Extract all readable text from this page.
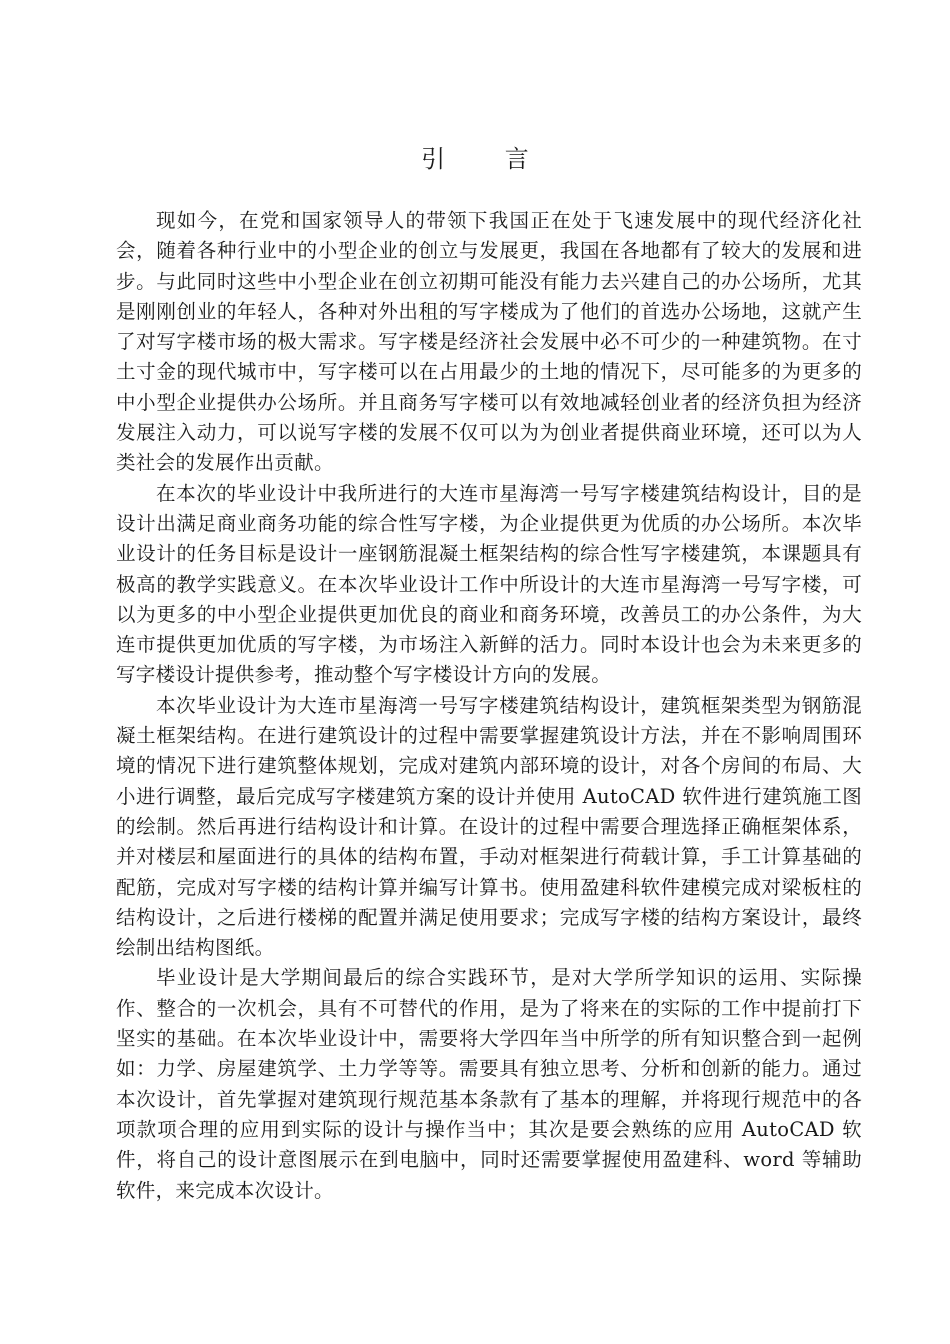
引 言

现如今，在党和国家领导人的带领下我国正在处于飞速发展中的现代经济化社会，随着各种行业中的小型企业的创立与发展更，我国在各地都有了较大的发展和进步。与此同时这些中小型企业在创立初期可能没有能力去兴建自己的办公场所，尤其是刚刚创业的年轻人，各种对外出租的写字楼成为了他们的首选办公场地，这就产生了对写字楼市场的极大需求。写字楼是经济社会发展中必不可少的一种建筑物。在寸土寸金的现代城市中，写字楼可以在占用最少的土地的情况下，尽可能多的为更多的中小型企业提供办公场所。并且商务写字楼可以有效地减轻创业者的经济负担为经济发展注入动力，可以说写字楼的发展不仅可以为为创业者提供商业环境，还可以为人类社会的发展作出贡献。

在本次的毕业设计中我所进行的大连市星海湾一号写字楼建筑结构设计，目的是设计出满足商业商务功能的综合性写字楼，为企业提供更为优质的办公场所。本次毕业设计的任务目标是设计一座钢筋混凝土框架结构的综合性写字楼建筑，本课题具有极高的教学实践意义。在本次毕业设计工作中所设计的大连市星海湾一号写字楼，可以为更多的中小型企业提供更加优良的商业和商务环境，改善员工的办公条件，为大连市提供更加优质的写字楼，为市场注入新鲜的活力。同时本设计也会为未来更多的写字楼设计提供参考，推动整个写字楼设计方向的发展。

本次毕业设计为大连市星海湾一号写字楼建筑结构设计，建筑框架类型为钢筋混凝土框架结构。在进行建筑设计的过程中需要掌握建筑设计方法，并在不影响周围环境的情况下进行建筑整体规划，完成对建筑内部环境的设计，对各个房间的布局、大小进行调整，最后完成写字楼建筑方案的设计并使用 AutoCAD 软件进行建筑施工图的绘制。然后再进行结构设计和计算。在设计的过程中需要合理选择正确框架体系，并对楼层和屋面进行的具体的结构布置，手动对框架进行荷载计算，手工计算基础的配筋，完成对写字楼的结构计算并编写计算书。使用盈建科软件建模完成对梁板柱的结构设计，之后进行楼梯的配置并满足使用要求；完成写字楼的结构方案设计，最终绘制出结构图纸。

毕业设计是大学期间最后的综合实践环节，是对大学所学知识的运用、实际操作、整合的一次机会，具有不可替代的作用，是为了将来在的实际的工作中提前打下坚实的基础。在本次毕业设计中，需要将大学四年当中所学的所有知识整合到一起例如：力学、房屋建筑学、土力学等等。需要具有独立思考、分析和创新的能力。通过本次设计，首先掌握对建筑现行规范基本条款有了基本的理解，并将现行规范中的各项款项合理的应用到实际的设计与操作当中；其次是要会熟练的应用 AutoCAD 软件，将自己的设计意图展示在到电脑中，同时还需要掌握使用盈建科、word 等辅助软件，来完成本次设计。
